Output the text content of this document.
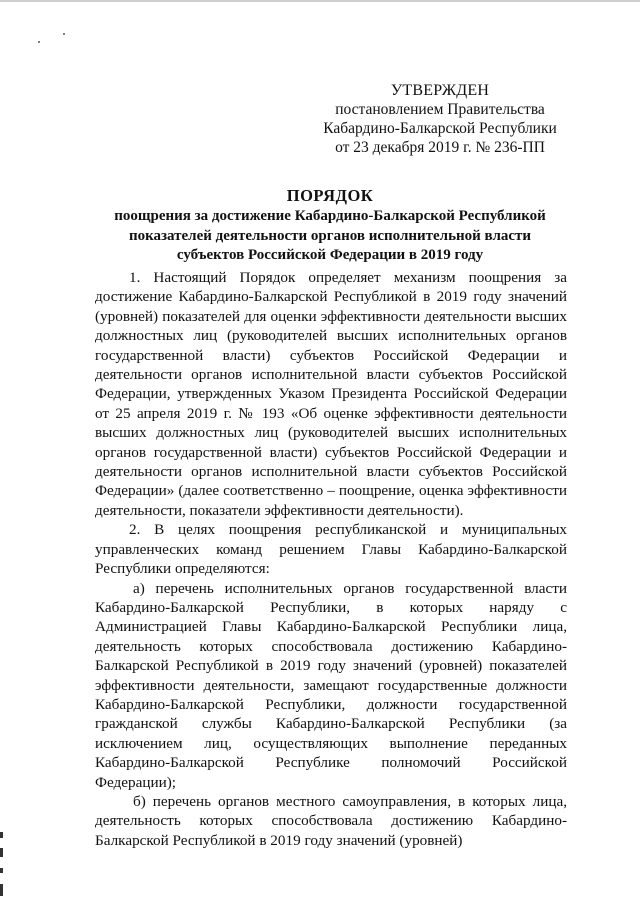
УТВЕРЖДЕН
постановлением Правительства
Кабардино-Балкарской Республики
от 23 декабря 2019 г. № 236-ПП
ПОРЯДОК
поощрения за достижение Кабардино-Балкарской Республикой показателей деятельности органов исполнительной власти субъектов Российской Федерации в 2019 году

1. Настоящий Порядок определяет механизм поощрения за достижение Кабардино-Балкарской Республикой в 2019 году значений (уровней) показателей для оценки эффективности деятельности высших должностных лиц (руководителей высших исполнительных органов государственной власти) субъектов Российской Федерации и деятельности органов исполнительной власти субъектов Российской Федерации, утвержденных Указом Президента Российской Федерации от 25 апреля 2019 г. № 193 «Об оценке эффективности деятельности высших должностных лиц (руководителей высших исполнительных органов государственной власти) субъектов Российской Федерации и деятельности органов исполнительной власти субъектов Российской Федерации» (далее соответственно – поощрение, оценка эффективности деятельности, показатели эффективности деятельности).

2. В целях поощрения республиканской и муниципальных управленческих команд решением Главы Кабардино-Балкарской Республики определяются:

а) перечень исполнительных органов государственной власти Кабардино-Балкарской Республики, в которых наряду с Администрацией Главы Кабардино-Балкарской Республики лица, деятельность которых способствовала достижению Кабардино-Балкарской Республикой в 2019 году значений (уровней) показателей эффективности деятельности, замещают государственные должности Кабардино-Балкарской Республики, должности государственной гражданской службы Кабардино-Балкарской Республики (за исключением лиц, осуществляющих выполнение переданных Кабардино-Балкарской Республике полномочий Российской Федерации);

б) перечень органов местного самоуправления, в которых лица, деятельность которых способствовала достижению Кабардино-Балкарской Республикой в 2019 году значений (уровней)
